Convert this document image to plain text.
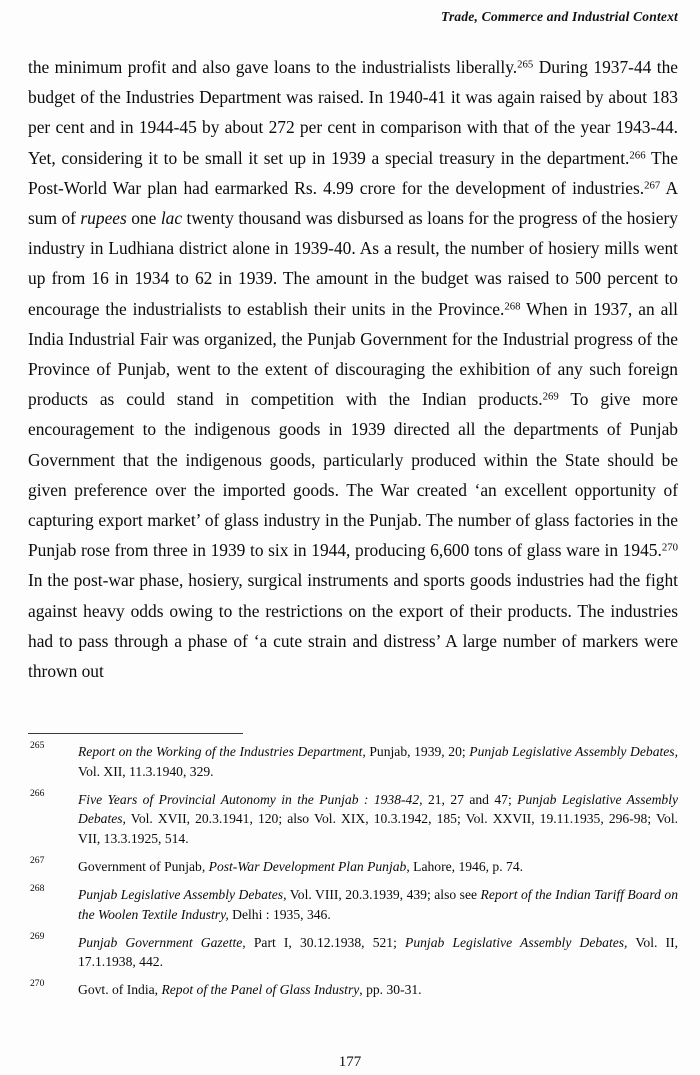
Trade, Commerce and Industrial Context

the minimum profit and also gave loans to the industrialists liberally.$^{265}$ During 1937-44 the budget of the Industries Department was raised. In 1940-41 it was again raised by about 183 per cent and in 1944-45 by about 272 per cent in comparison with that of the year 1943-44. Yet, considering it to be small it set up in 1939 a special treasury in the department.$^{266}$ The Post-World War plan had earmarked Rs. 4.99 crore for the development of industries.$^{267}$ A sum of rupees one lac twenty thousand was disbursed as loans for the progress of the hosiery industry in Ludhiana district alone in 1939-40. As a result, the number of hosiery mills went up from 16 in 1934 to 62 in 1939. The amount in the budget was raised to 500 percent to encourage the industrialists to establish their units in the Province.$^{268}$ When in 1937, an all India Industrial Fair was organized, the Punjab Government for the Industrial progress of the Province of Punjab, went to the extent of discouraging the exhibition of any such foreign products as could stand in competition with the Indian products.$^{269}$ To give more encouragement to the indigenous goods in 1939 directed all the departments of Punjab Government that the indigenous goods, particularly produced within the State should be given preference over the imported goods. The War created ‘an excellent opportunity of capturing export market’ of glass industry in the Punjab. The number of glass factories in the Punjab rose from three in 1939 to six in 1944, producing 6,600 tons of glass ware in 1945.$^{270}$ In the post-war phase, hosiery, surgical instruments and sports goods industries had the fight against heavy odds owing to the restrictions on the export of their products. The industries had to pass through a phase of ‘a cute strain and distress’ A large number of markers were thrown out

265 Report on the Working of the Industries Department, Punjab, 1939, 20; Punjab Legislative Assembly Debates, Vol. XII, 11.3.1940, 329.
266 Five Years of Provincial Autonomy in the Punjab : 1938-42, 21, 27 and 47; Punjab Legislative Assembly Debates, Vol. XVII, 20.3.1941, 120; also Vol. XIX, 10.3.1942, 185; Vol. XXVII, 19.11.1935, 296-98; Vol. VII, 13.3.1925, 514.
267 Government of Punjab, Post-War Development Plan Punjab, Lahore, 1946, p. 74.
268 Punjab Legislative Assembly Debates, Vol. VIII, 20.3.1939, 439; also see Report of the Indian Tariff Board on the Woolen Textile Industry, Delhi : 1935, 346.
269 Punjab Government Gazette, Part I, 30.12.1938, 521; Punjab Legislative Assembly Debates, Vol. II, 17.1.1938, 442.
270 Govt. of India, Repot of the Panel of Glass Industry, pp. 30-31.
177
